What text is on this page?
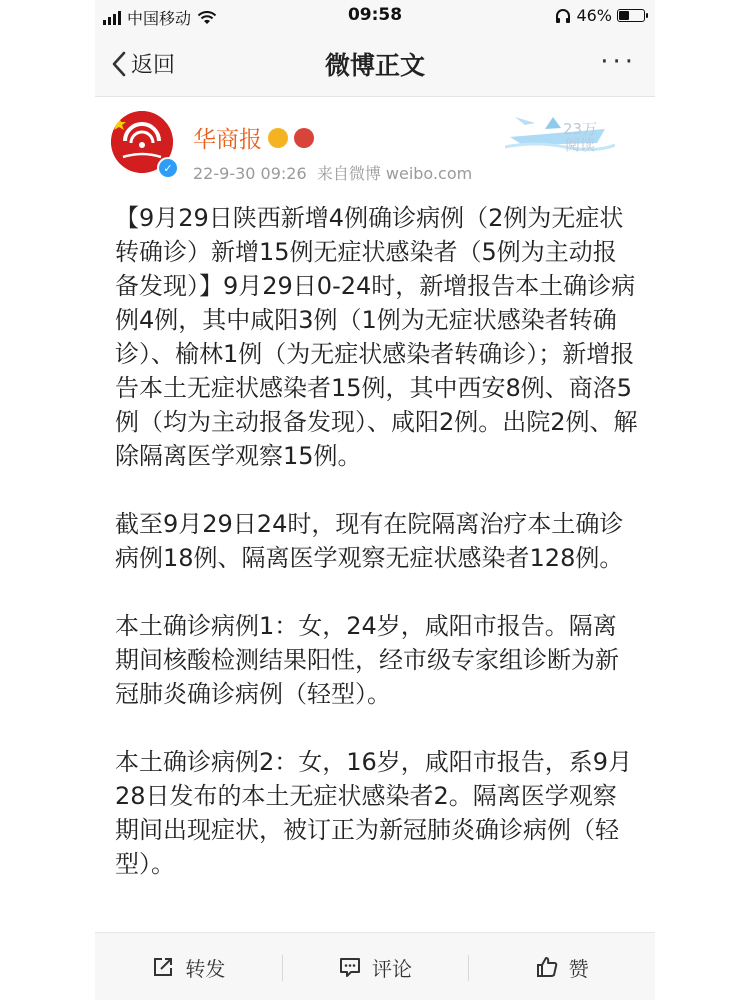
中国移动	09:58	46%
返回	微博正文	···
✓
华商报
22-9-30 09:26 来自微博 weibo.com
23万
阅读

【9月29日陕西新增4例确诊病例（2例为无症状转确诊）新增15例无症状感染者（5例为主动报备发现）】9月29日0-24时，新增报告本土确诊病例4例，其中咸阳3例（1例为无症状感染者转确诊）、榆林1例（为无症状感染者转确诊）；新增报告本土无症状感染者15例，其中西安8例、商洛5例（均为主动报备发现）、咸阳2例。出院2例、解除隔离医学观察15例。

截至9月29日24时，现有在院隔离治疗本土确诊病例18例、隔离医学观察无症状感染者128例。

本土确诊病例1：女，24岁，咸阳市报告。隔离期间核酸检测结果阳性，经市级专家组诊断为新冠肺炎确诊病例（轻型）。

本土确诊病例2：女，16岁，咸阳市报告，系9月28日发布的本土无症状感染者2。隔离医学观察期间出现症状，被订正为新冠肺炎确诊病例（轻型）。

转发	评论	赞
